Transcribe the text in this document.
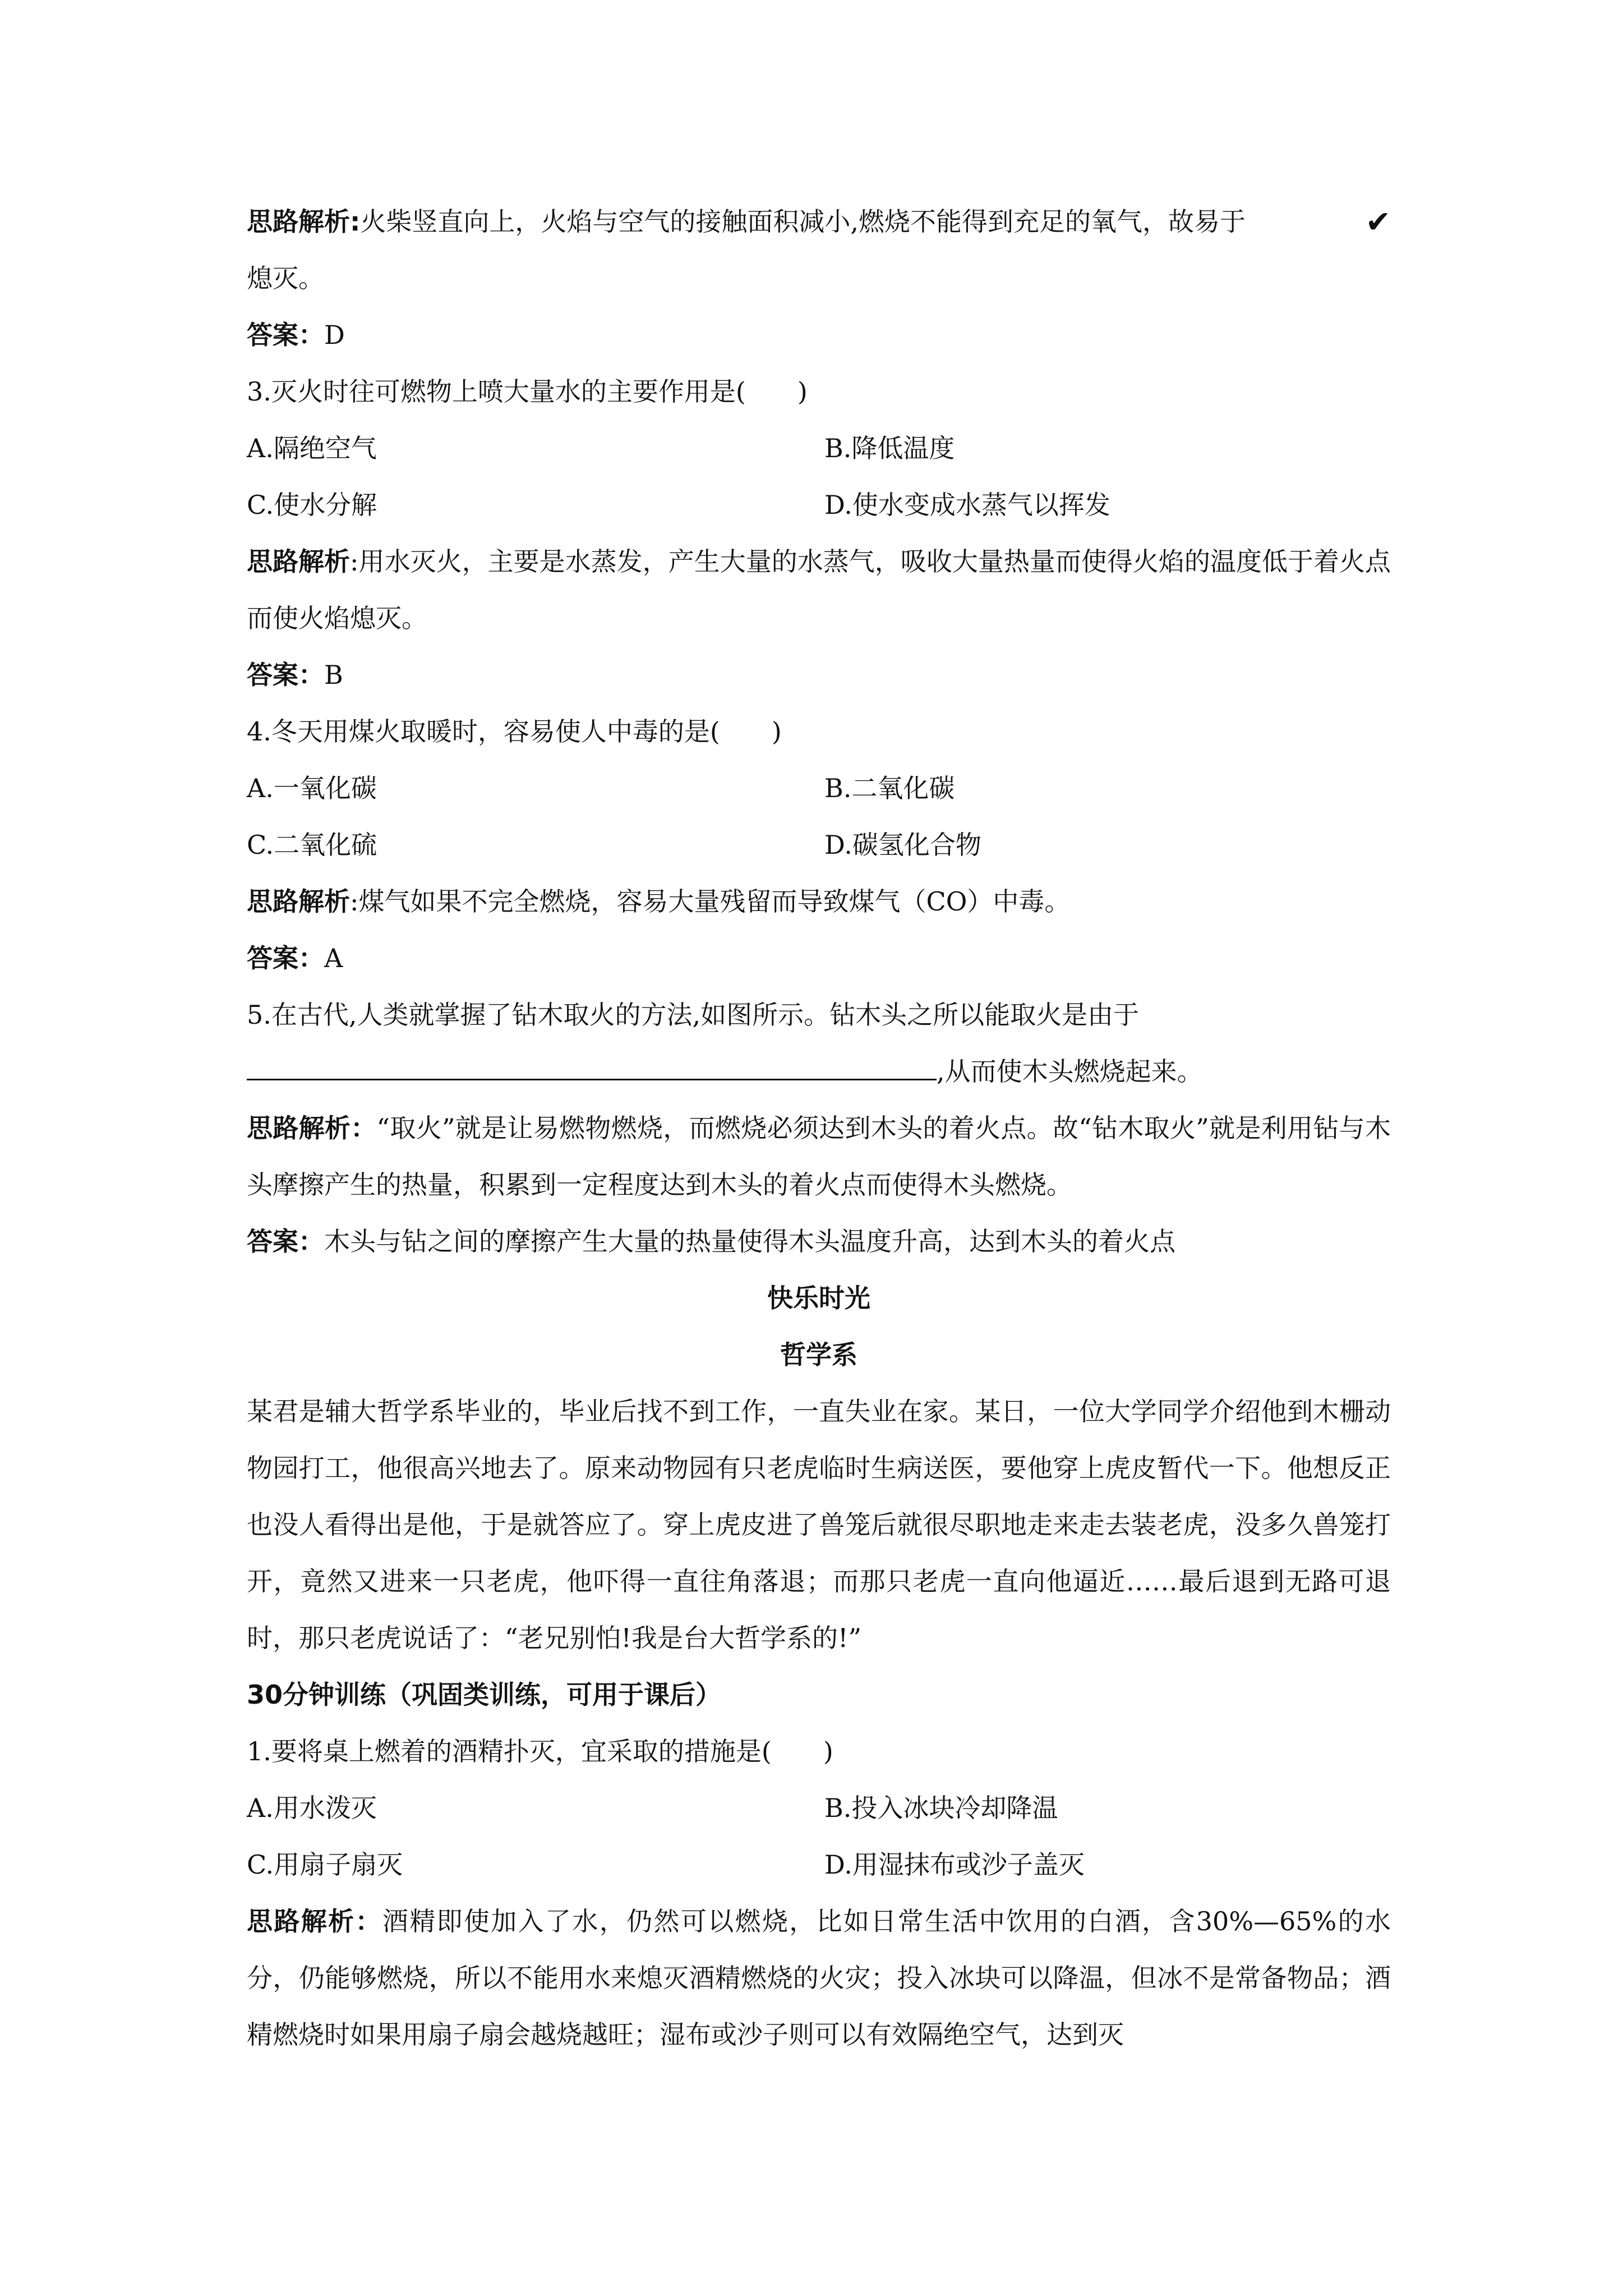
思路解析:火柴竖直向上，火焰与空气的接触面积减小,燃烧不能得到充足的氧气，故易于	✔

熄灭。

答案：D

3.灭火时往可燃物上喷大量水的主要作用是(　　)

A.隔绝空气	B.降低温度

C.使水分解	D.使水变成水蒸气以挥发

思路解析:用水灭火，主要是水蒸发，产生大量的水蒸气，吸收大量热量而使得火焰的温度低于着火点而使火焰熄灭。

答案：B

4.冬天用煤火取暖时，容易使人中毒的是(　　)

A.一氧化碳	B.二氧化碳

C.二氧化硫	D.碳氢化合物

思路解析:煤气如果不完全燃烧，容易大量残留而导致煤气（CO）中毒。

答案：A

5.在古代,人类就掌握了钻木取火的方法,如图所示。钻木头之所以能取火是由于

,从而使木头燃烧起来。

思路解析：“取火”就是让易燃物燃烧，而燃烧必须达到木头的着火点。故“钻木取火”就是利用钻与木头摩擦产生的热量，积累到一定程度达到木头的着火点而使得木头燃烧。

答案：木头与钻之间的摩擦产生大量的热量使得木头温度升高，达到木头的着火点

快乐时光

哲学系

某君是辅大哲学系毕业的，毕业后找不到工作，一直失业在家。某日，一位大学同学介绍他到木栅动物园打工，他很高兴地去了。原来动物园有只老虎临时生病送医，要他穿上虎皮暂代一下。他想反正也没人看得出是他，于是就答应了。穿上虎皮进了兽笼后就很尽职地走来走去装老虎，没多久兽笼打开，竟然又进来一只老虎，他吓得一直往角落退；而那只老虎一直向他逼近……最后退到无路可退时，那只老虎说话了：“老兄别怕!我是台大哲学系的!”

30分钟训练（巩固类训练，可用于课后）

1.要将桌上燃着的酒精扑灭，宜采取的措施是(　　)

A.用水泼灭	B.投入冰块冷却降温

C.用扇子扇灭	D.用湿抹布或沙子盖灭

思路解析：酒精即使加入了水，仍然可以燃烧，比如日常生活中饮用的白酒，含30%—65%的水分，仍能够燃烧，所以不能用水来熄灭酒精燃烧的火灾；投入冰块可以降温，但冰不是常备物品；酒精燃烧时如果用扇子扇会越烧越旺；湿布或沙子则可以有效隔绝空气，达到灭
